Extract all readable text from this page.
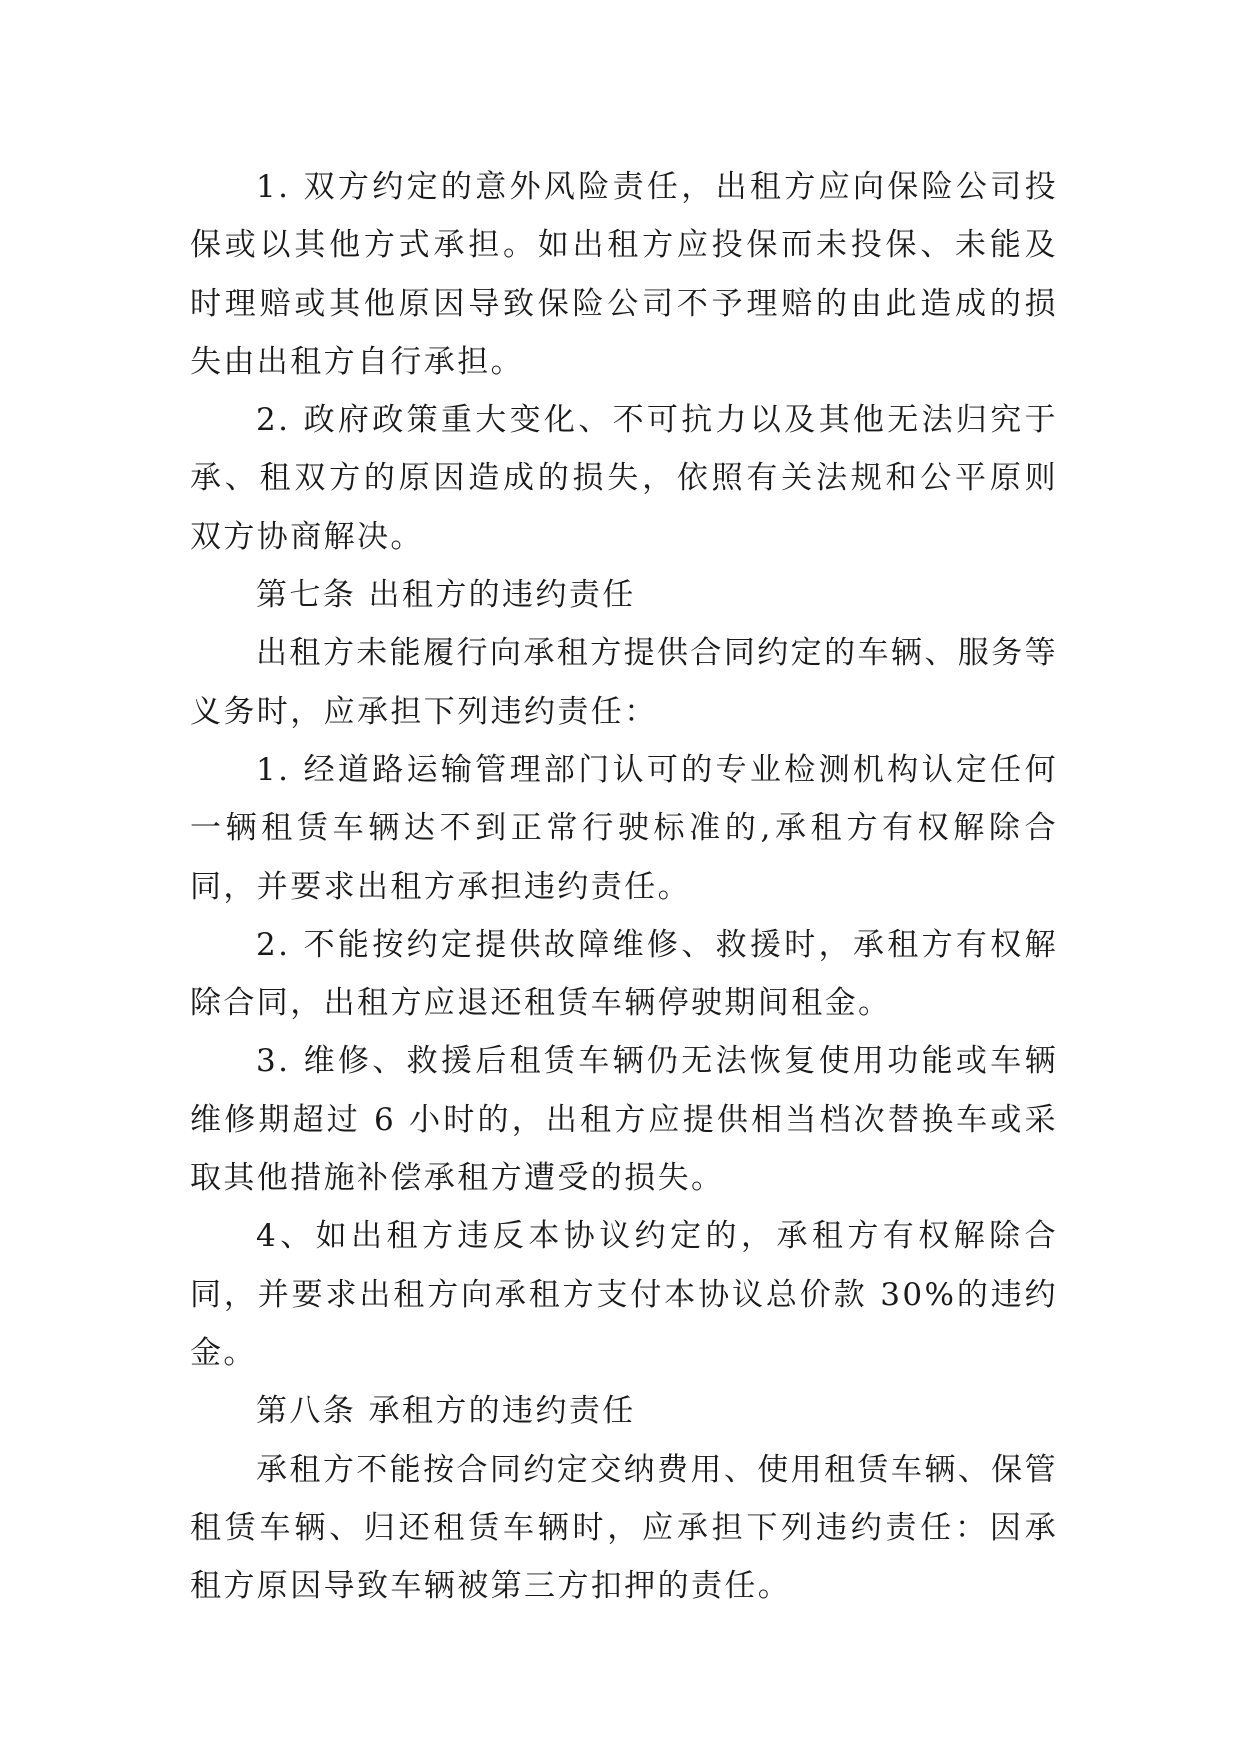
1. 双方约定的意外风险责任，出租方应向保险公司投保或以其他方式承担。如出租方应投保而未投保、未能及时理赔或其他原因导致保险公司不予理赔的由此造成的损失由出租方自行承担。

2. 政府政策重大变化、不可抗力以及其他无法归究于承、租双方的原因造成的损失，依照有关法规和公平原则双方协商解决。

第七条 出租方的违约责任

出租方未能履行向承租方提供合同约定的车辆、服务等义务时，应承担下列违约责任：

1. 经道路运输管理部门认可的专业检测机构认定任何一辆租赁车辆达不到正常行驶标准的,承租方有权解除合同，并要求出租方承担违约责任。

2. 不能按约定提供故障维修、救援时，承租方有权解除合同，出租方应退还租赁车辆停驶期间租金。

3. 维修、救援后租赁车辆仍无法恢复使用功能或车辆维修期超过 6 小时的，出租方应提供相当档次替换车或采取其他措施补偿承租方遭受的损失。

4、如出租方违反本协议约定的，承租方有权解除合同，并要求出租方向承租方支付本协议总价款 30%的违约金。

第八条 承租方的违约责任

承租方不能按合同约定交纳费用、使用租赁车辆、保管租赁车辆、归还租赁车辆时，应承担下列违约责任：因承租方原因导致车辆被第三方扣押的责任。
